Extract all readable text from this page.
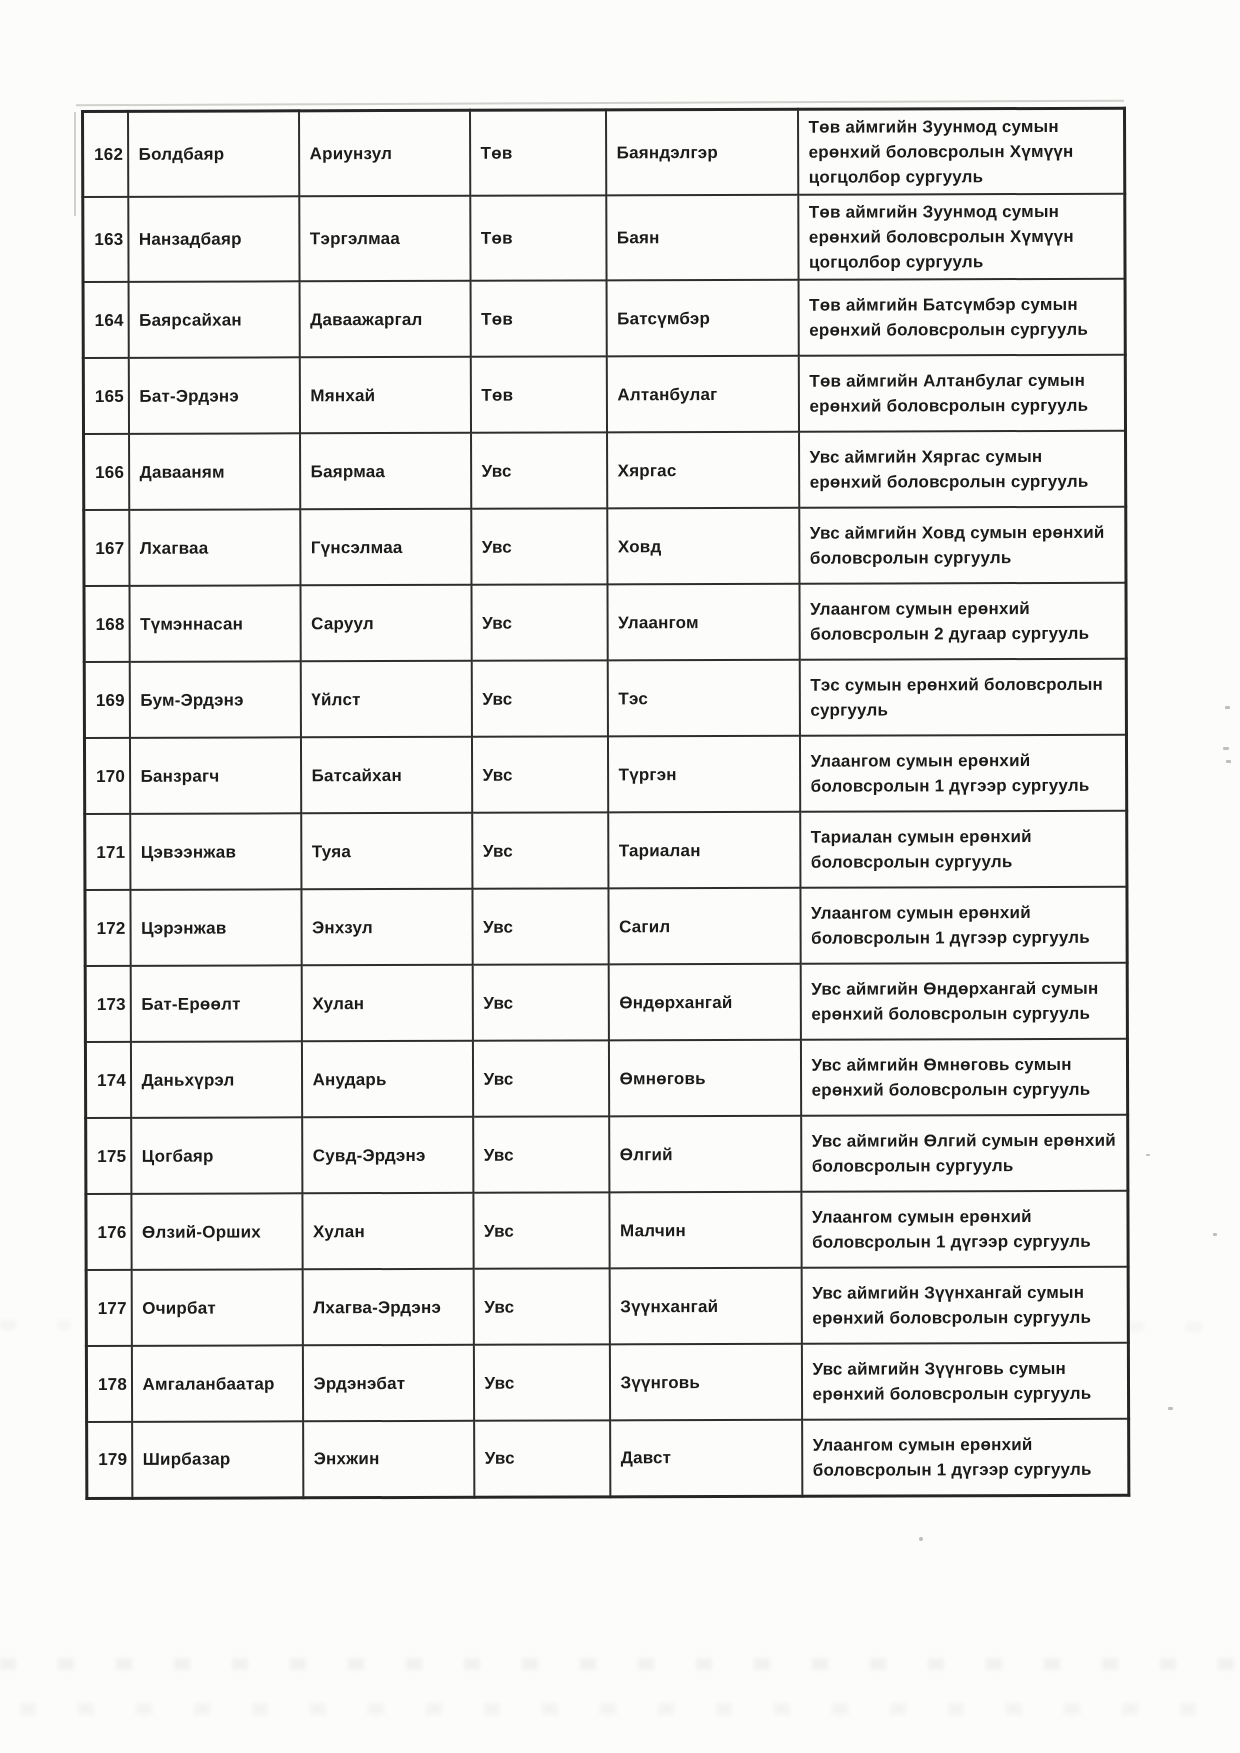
162	Болдбаяр	Ариунзул	Төв	Баяндэлгэр	Төв аймгийн Зуунмод сумын ерөнхий боловсролын Хүмүүн цогцолбор сургууль
163	Нанзадбаяр	Тэргэлмаа	Төв	Баян	Төв аймгийн Зуунмод сумын ерөнхий боловсролын Хүмүүн цогцолбор сургууль
164	Баярсайхан	Даваажаргал	Төв	Батсүмбэр	Төв аймгийн Батсүмбэр сумын ерөнхий боловсролын сургууль
165	Бат-Эрдэнэ	Мянхай	Төв	Алтанбулаг	Төв аймгийн Алтанбулаг сумын ерөнхий боловсролын сургууль
166	Давааням	Баярмаа	Увс	Хяргас	Увс аймгийн Хяргас сумын ерөнхий боловсролын сургууль
167	Лхагваа	Гүнсэлмаа	Увс	Ховд	Увс аймгийн Ховд сумын ерөнхий боловсролын сургууль
168	Түмэннасан	Саруул	Увс	Улаангом	Улаангом сумын ерөнхий боловсролын 2 дугаар сургууль
169	Бум-Эрдэнэ	Үйлст	Увс	Тэс	Тэс сумын ерөнхий боловсролын сургууль
170	Банзрагч	Батсайхан	Увс	Түргэн	Улаангом сумын ерөнхий боловсролын 1 дүгээр сургууль
171	Цэвээнжав	Туяа	Увс	Тариалан	Тариалан сумын ерөнхий боловсролын сургууль
172	Цэрэнжав	Энхзул	Увс	Сагил	Улаангом сумын ерөнхий боловсролын 1 дүгээр сургууль
173	Бат-Ерөөлт	Хулан	Увс	Өндөрхангай	Увс аймгийн Өндөрхангай сумын ерөнхий боловсролын сургууль
174	Даньхүрэл	Анударь	Увс	Өмнөговь	Увс аймгийн Өмнөговь сумын ерөнхий боловсролын сургууль
175	Цогбаяр	Сувд-Эрдэнэ	Увс	Өлгий	Увс аймгийн Өлгий сумын ерөнхий боловсролын сургууль
176	Өлзий-Орших	Хулан	Увс	Малчин	Улаангом сумын ерөнхий боловсролын 1 дүгээр сургууль
177	Очирбат	Лхагва-Эрдэнэ	Увс	Зүүнхангай	Увс аймгийн Зүүнхангай сумын ерөнхий боловсролын сургууль
178	Амгаланбаатар	Эрдэнэбат	Увс	Зүүнговь	Увс аймгийн Зүүнговь сумын ерөнхий боловсролын сургууль
179	Ширбазар	Энхжин	Увс	Давст	Улаангом сумын ерөнхий боловсролын 1 дүгээр сургууль
